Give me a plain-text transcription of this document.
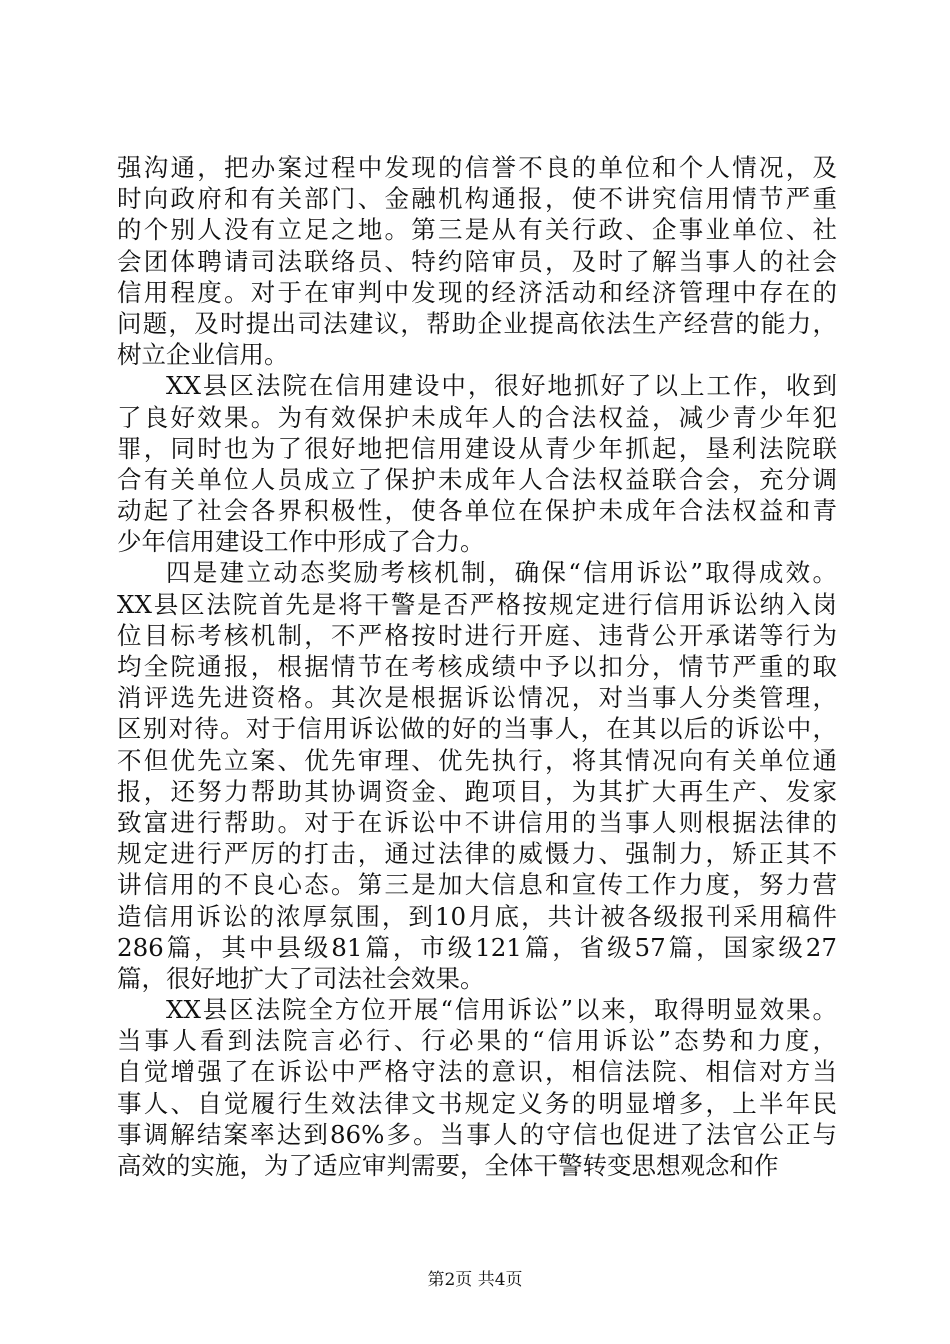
强沟通，把办案过程中发现的信誉不良的单位和个人情况，及
时向政府和有关部门、金融机构通报，使不讲究信用情节严重
的个别人没有立足之地。第三是从有关行政、企事业单位、社
会团体聘请司法联络员、特约陪审员，及时了解当事人的社会
信用程度。对于在审判中发现的经济活动和经济管理中存在的
问题，及时提出司法建议，帮助企业提高依法生产经营的能力，
树立企业信用。
XX县区法院在信用建设中，很好地抓好了以上工作，收到
了良好效果。为有效保护未成年人的合法权益，减少青少年犯
罪，同时也为了很好地把信用建设从青少年抓起，垦利法院联
合有关单位人员成立了保护未成年人合法权益联合会，充分调
动起了社会各界积极性，使各单位在保护未成年合法权益和青
少年信用建设工作中形成了合力。
四是建立动态奖励考核机制，确保“信用诉讼”取得成效。
XX县区法院首先是将干警是否严格按规定进行信用诉讼纳入岗
位目标考核机制，不严格按时进行开庭、违背公开承诺等行为
均全院通报，根据情节在考核成绩中予以扣分，情节严重的取
消评选先进资格。其次是根据诉讼情况，对当事人分类管理，
区别对待。对于信用诉讼做的好的当事人，在其以后的诉讼中，
不但优先立案、优先审理、优先执行，将其情况向有关单位通
报，还努力帮助其协调资金、跑项目，为其扩大再生产、发家
致富进行帮助。对于在诉讼中不讲信用的当事人则根据法律的
规定进行严厉的打击，通过法律的威慑力、强制力，矫正其不
讲信用的不良心态。第三是加大信息和宣传工作力度，努力营
造信用诉讼的浓厚氛围，到10月底，共计被各级报刊采用稿件
286篇，其中县级81篇，市级121篇，省级57篇，国家级27
篇，很好地扩大了司法社会效果。
XX县区法院全方位开展“信用诉讼”以来，取得明显效果。
当事人看到法院言必行、行必果的“信用诉讼”态势和力度，
自觉增强了在诉讼中严格守法的意识，相信法院、相信对方当
事人、自觉履行生效法律文书规定义务的明显增多，上半年民
事调解结案率达到86%多。当事人的守信也促进了法官公正与
高效的实施，为了适应审判需要，全体干警转变思想观念和作
第2页 共4页
